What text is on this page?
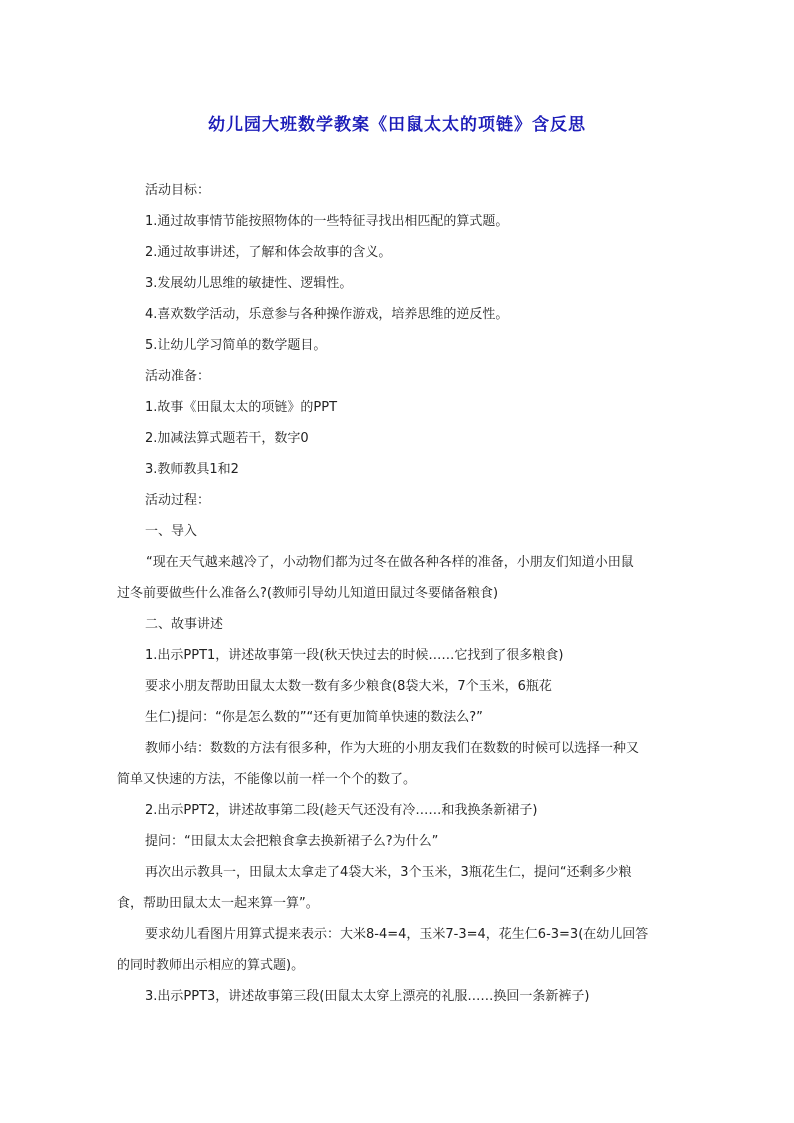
幼儿园大班数学教案《田鼠太太的项链》含反思
活动目标：
1.通过故事情节能按照物体的一些特征寻找出相匹配的算式题。
2.通过故事讲述，了解和体会故事的含义。
3.发展幼儿思维的敏捷性、逻辑性。
4.喜欢数学活动，乐意参与各种操作游戏，培养思维的逆反性。
5.让幼儿学习简单的数学题目。
活动准备：
1.故事《田鼠太太的项链》的PPT
2.加减法算式题若干，数字0
3.教师教具1和2
活动过程：
一、导入
“现在天气越来越冷了，小动物们都为过冬在做各种各样的准备，小朋友们知道小田鼠
过冬前要做些什么准备么?(教师引导幼儿知道田鼠过冬要储备粮食)
二、故事讲述
1.出示PPT1，讲述故事第一段(秋天快过去的时候……它找到了很多粮食)
要求小朋友帮助田鼠太太数一数有多少粮食(8袋大米，7个玉米，6瓶花
生仁)提问：“你是怎么数的”“还有更加简单快速的数法么?”
教师小结：数数的方法有很多种，作为大班的小朋友我们在数数的时候可以选择一种又
简单又快速的方法，不能像以前一样一个个的数了。
2.出示PPT2，讲述故事第二段(趁天气还没有冷……和我换条新裙子)
提问：“田鼠太太会把粮食拿去换新裙子么?为什么”
再次出示教具一，田鼠太太拿走了4袋大米，3个玉米，3瓶花生仁，提问“还剩多少粮
食，帮助田鼠太太一起来算一算”。
要求幼儿看图片用算式提来表示：大米8-4=4，玉米7-3=4，花生仁6-3=3(在幼儿回答
的同时教师出示相应的算式题)。
3.出示PPT3，讲述故事第三段(田鼠太太穿上漂亮的礼服……换回一条新裤子)
